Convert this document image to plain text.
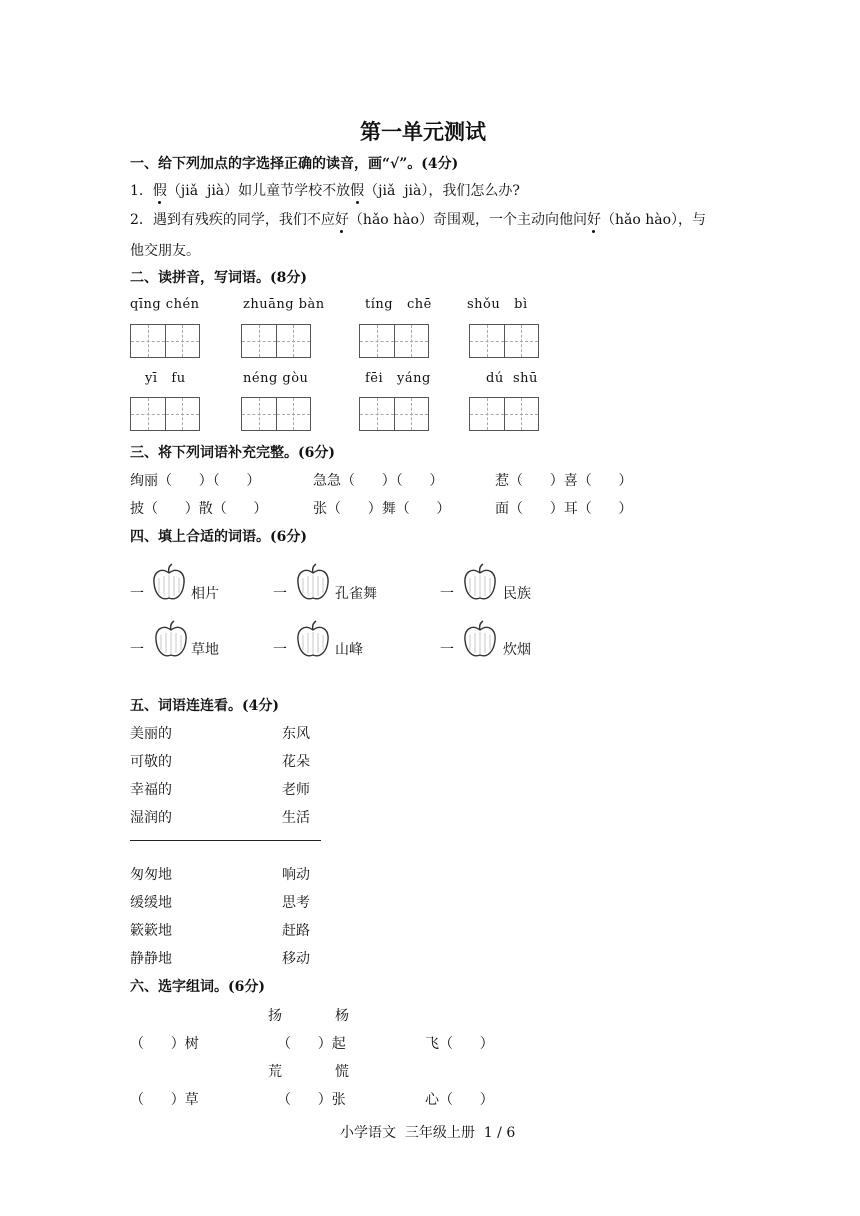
第一单元测试
一、给下列加点的字选择正确的读音，画“√”。(4分)
1．假（jiǎ  jià）如儿童节学校不放假（jiǎ  jià），我们怎么办?
2．遇到有残疾的同学，我们不应好（hǎo hào）奇围观，一个主动向他问好（hǎo hào），与
他交朋友。
二、读拼音，写词语。(8分)
qīng chén	zhuāng bàn	tíng   chē	shǒu   bì
yī   fu	néng gòu	fēi   yáng	dú  shū
三、将下列词语补充完整。(6分)
绚丽（      ）（      ）	急急（      ）（      ）	惹（      ）喜（      ）
披（      ）散（      ）	张（      ）舞（      ）	面（      ）耳（      ）
四、填上合适的词语。(6分)
一	相片	一	孔雀舞	一	民族
一	草地	一	山峰	一	炊烟
五、词语连连看。(4分)
美丽的	东风
可敬的	花朵
幸福的	老师
湿润的	生活
匆匆地	响动
缓缓地	思考
簌簌地	赶路
静静地	移动
六、选字组词。(6分)
扬	杨
（      ）树	（      ）起	飞（      ）
荒	慌
（      ）草	（      ）张	心（      ）
小学语文  三年级上册  1 / 6
